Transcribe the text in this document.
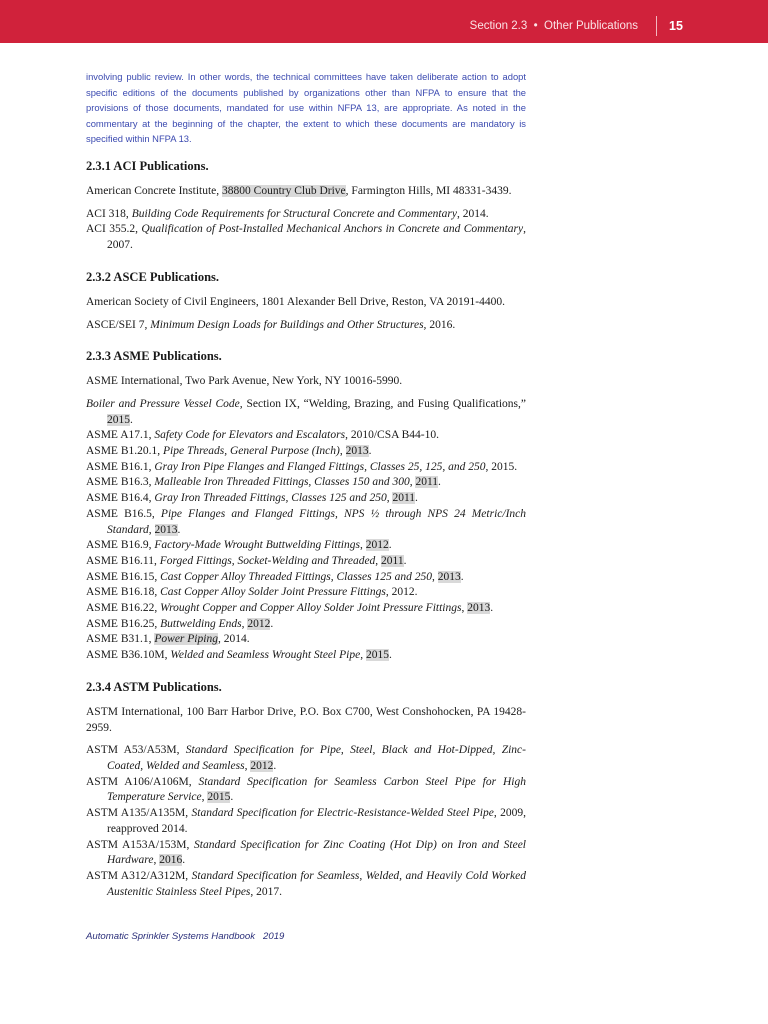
Section 2.3 • Other Publications 15
involving public review. In other words, the technical committees have taken deliberate action to adopt specific editions of the documents published by organizations other than NFPA to ensure that the provisions of those documents, mandated for use within NFPA 13, are appropriate. As noted in the commentary at the beginning of the chapter, the extent to which these documents are mandatory is specified within NFPA 13.

2.3.1 ACI Publications.

American Concrete Institute, 38800 Country Club Drive, Farmington Hills, MI 48331-3439.

ACI 318, Building Code Requirements for Structural Concrete and Commentary, 2014.

ACI 355.2, Qualification of Post-Installed Mechanical Anchors in Concrete and Commentary, 2007.

2.3.2 ASCE Publications.

American Society of Civil Engineers, 1801 Alexander Bell Drive, Reston, VA 20191-4400.

ASCE/SEI 7, Minimum Design Loads for Buildings and Other Structures, 2016.

2.3.3 ASME Publications.

ASME International, Two Park Avenue, New York, NY 10016-5990.

Boiler and Pressure Vessel Code, Section IX, “Welding, Brazing, and Fusing Qualifications,” 2015.

ASME A17.1, Safety Code for Elevators and Escalators, 2010/CSA B44-10.

ASME B1.20.1, Pipe Threads, General Purpose (Inch), 2013.

ASME B16.1, Gray Iron Pipe Flanges and Flanged Fittings, Classes 25, 125, and 250, 2015.

ASME B16.3, Malleable Iron Threaded Fittings, Classes 150 and 300, 2011.

ASME B16.4, Gray Iron Threaded Fittings, Classes 125 and 250, 2011.

ASME B16.5, Pipe Flanges and Flanged Fittings, NPS ½ through NPS 24 Metric/Inch Standard, 2013.

ASME B16.9, Factory-Made Wrought Buttwelding Fittings, 2012.

ASME B16.11, Forged Fittings, Socket-Welding and Threaded, 2011.

ASME B16.15, Cast Copper Alloy Threaded Fittings, Classes 125 and 250, 2013.

ASME B16.18, Cast Copper Alloy Solder Joint Pressure Fittings, 2012.

ASME B16.22, Wrought Copper and Copper Alloy Solder Joint Pressure Fittings, 2013.

ASME B16.25, Buttwelding Ends, 2012.

ASME B31.1, Power Piping, 2014.

ASME B36.10M, Welded and Seamless Wrought Steel Pipe, 2015.

2.3.4 ASTM Publications.

ASTM International, 100 Barr Harbor Drive, P.O. Box C700, West Conshohocken, PA 19428-2959.

ASTM A53/A53M, Standard Specification for Pipe, Steel, Black and Hot-Dipped, Zinc-Coated, Welded and Seamless, 2012.

ASTM A106/A106M, Standard Specification for Seamless Carbon Steel Pipe for High Temperature Service, 2015.

ASTM A135/A135M, Standard Specification for Electric-Resistance-Welded Steel Pipe, 2009, reapproved 2014.

ASTM A153A/153M, Standard Specification for Zinc Coating (Hot Dip) on Iron and Steel Hardware, 2016.

ASTM A312/A312M, Standard Specification for Seamless, Welded, and Heavily Cold Worked Austenitic Stainless Steel Pipes, 2017.

Automatic Sprinkler Systems Handbook 2019
